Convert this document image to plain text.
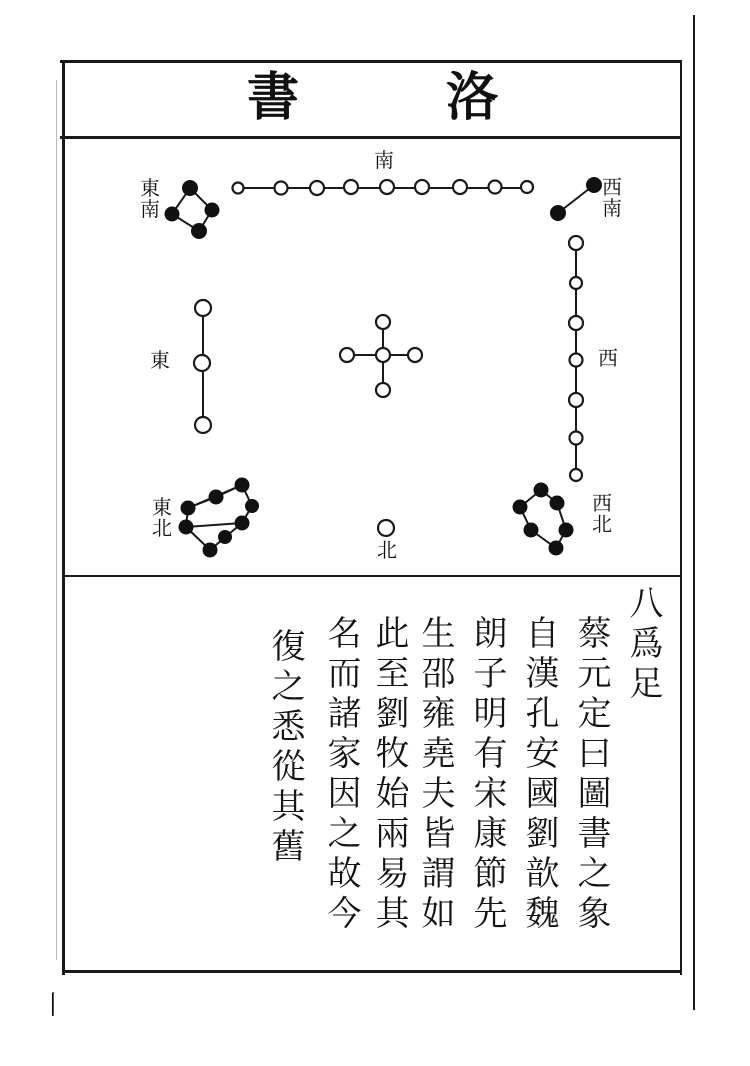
書	洛
南
東南
西南
東	西
東北
北
西北
八爲足
蔡元定曰圖書之象
自漢孔安國劉歆魏
朗子明有宋康節先
生邵雍堯夫皆謂如
此至劉牧始兩易其
名而諸家因之故今
復之悉從其舊
丨
